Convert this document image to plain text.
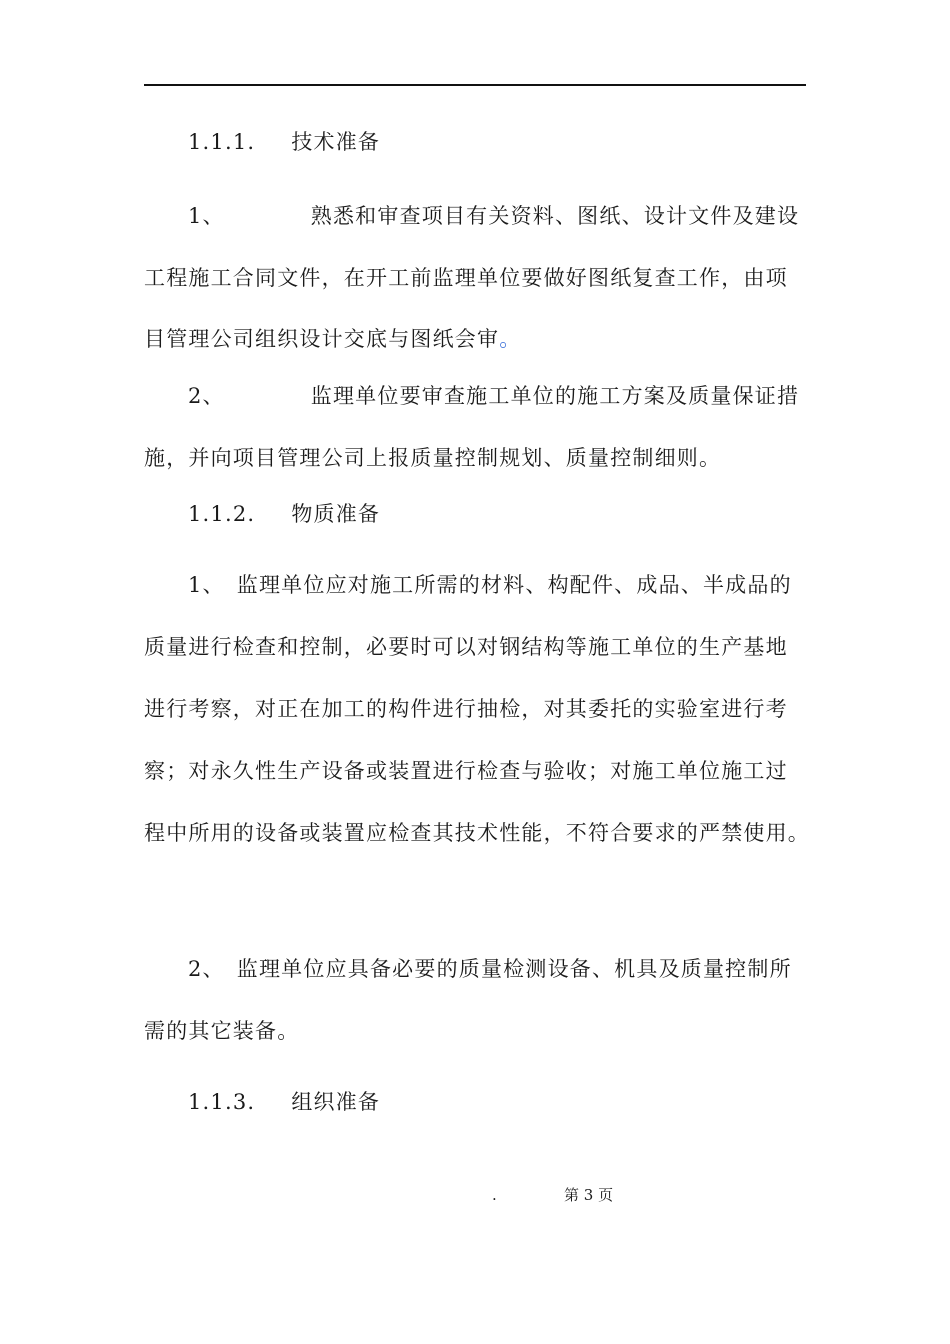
1.1.1. 技术准备
1、	熟悉和审查项目有关资料、图纸、设计文件及建设
工程施工合同文件，在开工前监理单位要做好图纸复查工作，由项
目管理公司组织设计交底与图纸会审。
2、	监理单位要审查施工单位的施工方案及质量保证措
施，并向项目管理公司上报质量控制规划、质量控制细则。
1.1.2. 物质准备
1、 监理单位应对施工所需的材料、构配件、成品、半成品的
质量进行检查和控制，必要时可以对钢结构等施工单位的生产基地
进行考察，对正在加工的构件进行抽检，对其委托的实验室进行考
察；对永久性生产设备或装置进行检查与验收；对施工单位施工过
程中所用的设备或装置应检查其技术性能，不符合要求的严禁使用。
2、 监理单位应具备必要的质量检测设备、机具及质量控制所
需的其它装备。
1.1.3. 组织准备
.	第 3 页
